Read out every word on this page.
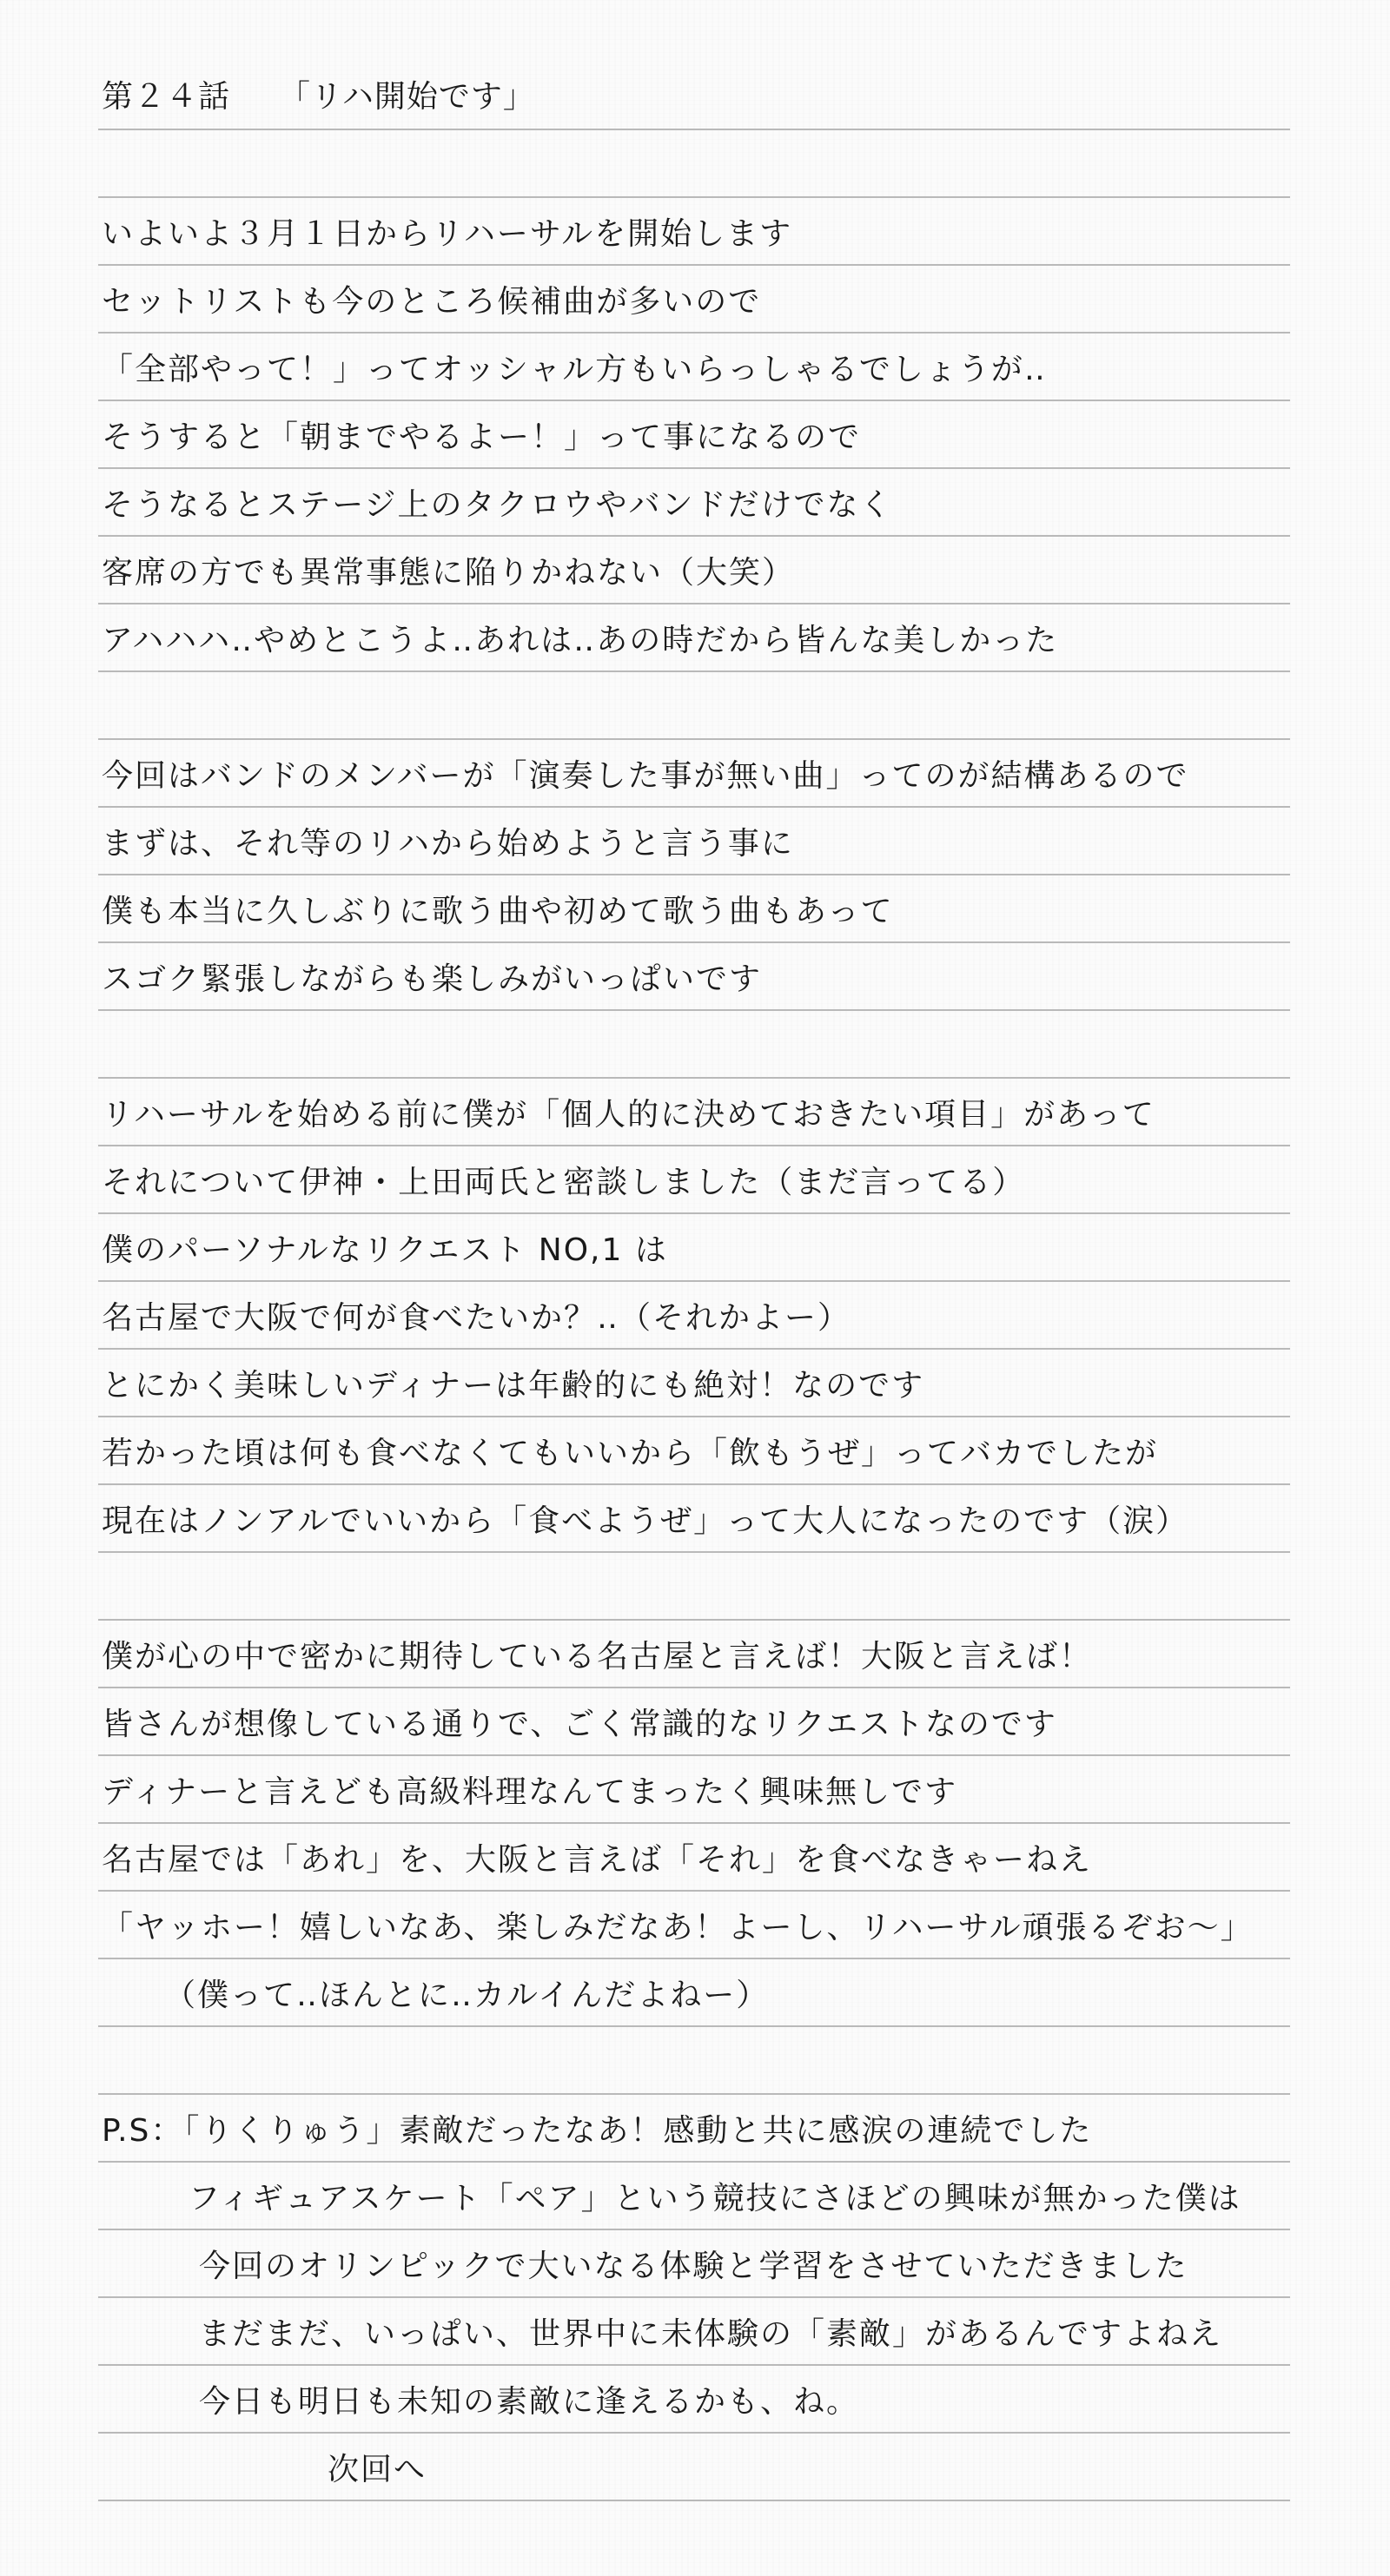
第２４話　　「リハ開始です」
いよいよ３月１日からリハーサルを開始します
セットリストも今のところ候補曲が多いので
「全部やって！」ってオッシャル方もいらっしゃるでしょうが‥
そうすると「朝までやるよー！」って事になるので
そうなるとステージ上のタクロウやバンドだけでなく
客席の方でも異常事態に陥りかねない（大笑）
アハハハ‥やめとこうよ‥あれは‥あの時だから皆んな美しかった
今回はバンドのメンバーが「演奏した事が無い曲」ってのが結構あるので
まずは、それ等のリハから始めようと言う事に
僕も本当に久しぶりに歌う曲や初めて歌う曲もあって
スゴク緊張しながらも楽しみがいっぱいです
リハーサルを始める前に僕が「個人的に決めておきたい項目」があって
それについて伊神・上田両氏と密談しました（まだ言ってる）
僕のパーソナルなリクエスト NO,1 は
名古屋で大阪で何が食べたいか？‥（それかよー）
とにかく美味しいディナーは年齢的にも絶対！なのです
若かった頃は何も食べなくてもいいから「飲もうぜ」ってバカでしたが
現在はノンアルでいいから「食べようぜ」って大人になったのです（涙）
僕が心の中で密かに期待している名古屋と言えば！大阪と言えば！
皆さんが想像している通りで、ごく常識的なリクエストなのです
ディナーと言えども高級料理なんてまったく興味無しです
名古屋では「あれ」を、大阪と言えば「それ」を食べなきゃーねえ
「ヤッホー！嬉しいなあ、楽しみだなあ！よーし、リハーサル頑張るぞお～」
（僕って‥ほんとに‥カルイんだよねー）
P.S：「りくりゅう」素敵だったなあ！感動と共に感涙の連続でした
フィギュアスケート「ペア」という競技にさほどの興味が無かった僕は
今回のオリンピックで大いなる体験と学習をさせていただきました
まだまだ、いっぱい、世界中に未体験の「素敵」があるんですよねえ
今日も明日も未知の素敵に逢えるかも、ね。
次回へ
